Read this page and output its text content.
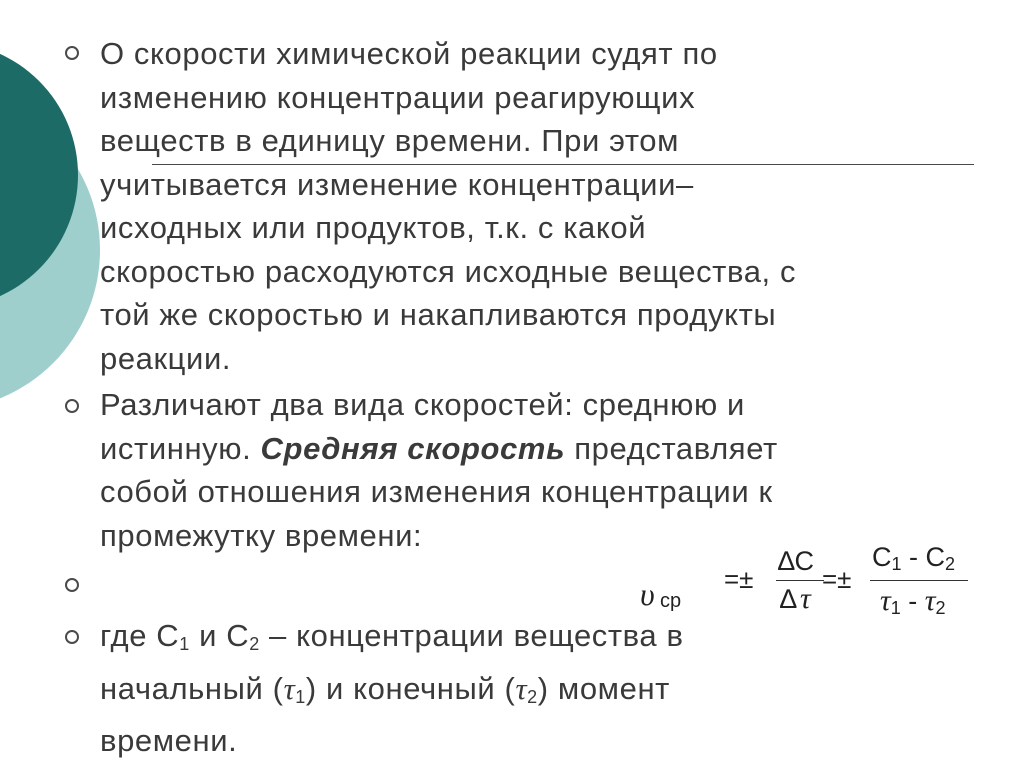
О скорости химической реакции судят по
изменению концентрации реагирующих
веществ в единицу времени. При этом
учитывается изменение концентрации–
исходных или продуктов, т.к. с какой
скоростью расходуются исходные вещества, с
той же скоростью и накапливаются продукты
реакции.
Различают два вида скоростей: среднюю и
истинную. Средняя скорость представляет
собой отношения изменения концентрации к
промежутку времени:
υ ср
=±
∆C
∆ τ
=±
$C_1 - C_2$
$\tau_1 - \tau_2$
где $С_1$ и $С_2$ – концентрации вещества в
начальный $(\tau_1)$ и конечный $(\tau_2)$ момент
времени.
